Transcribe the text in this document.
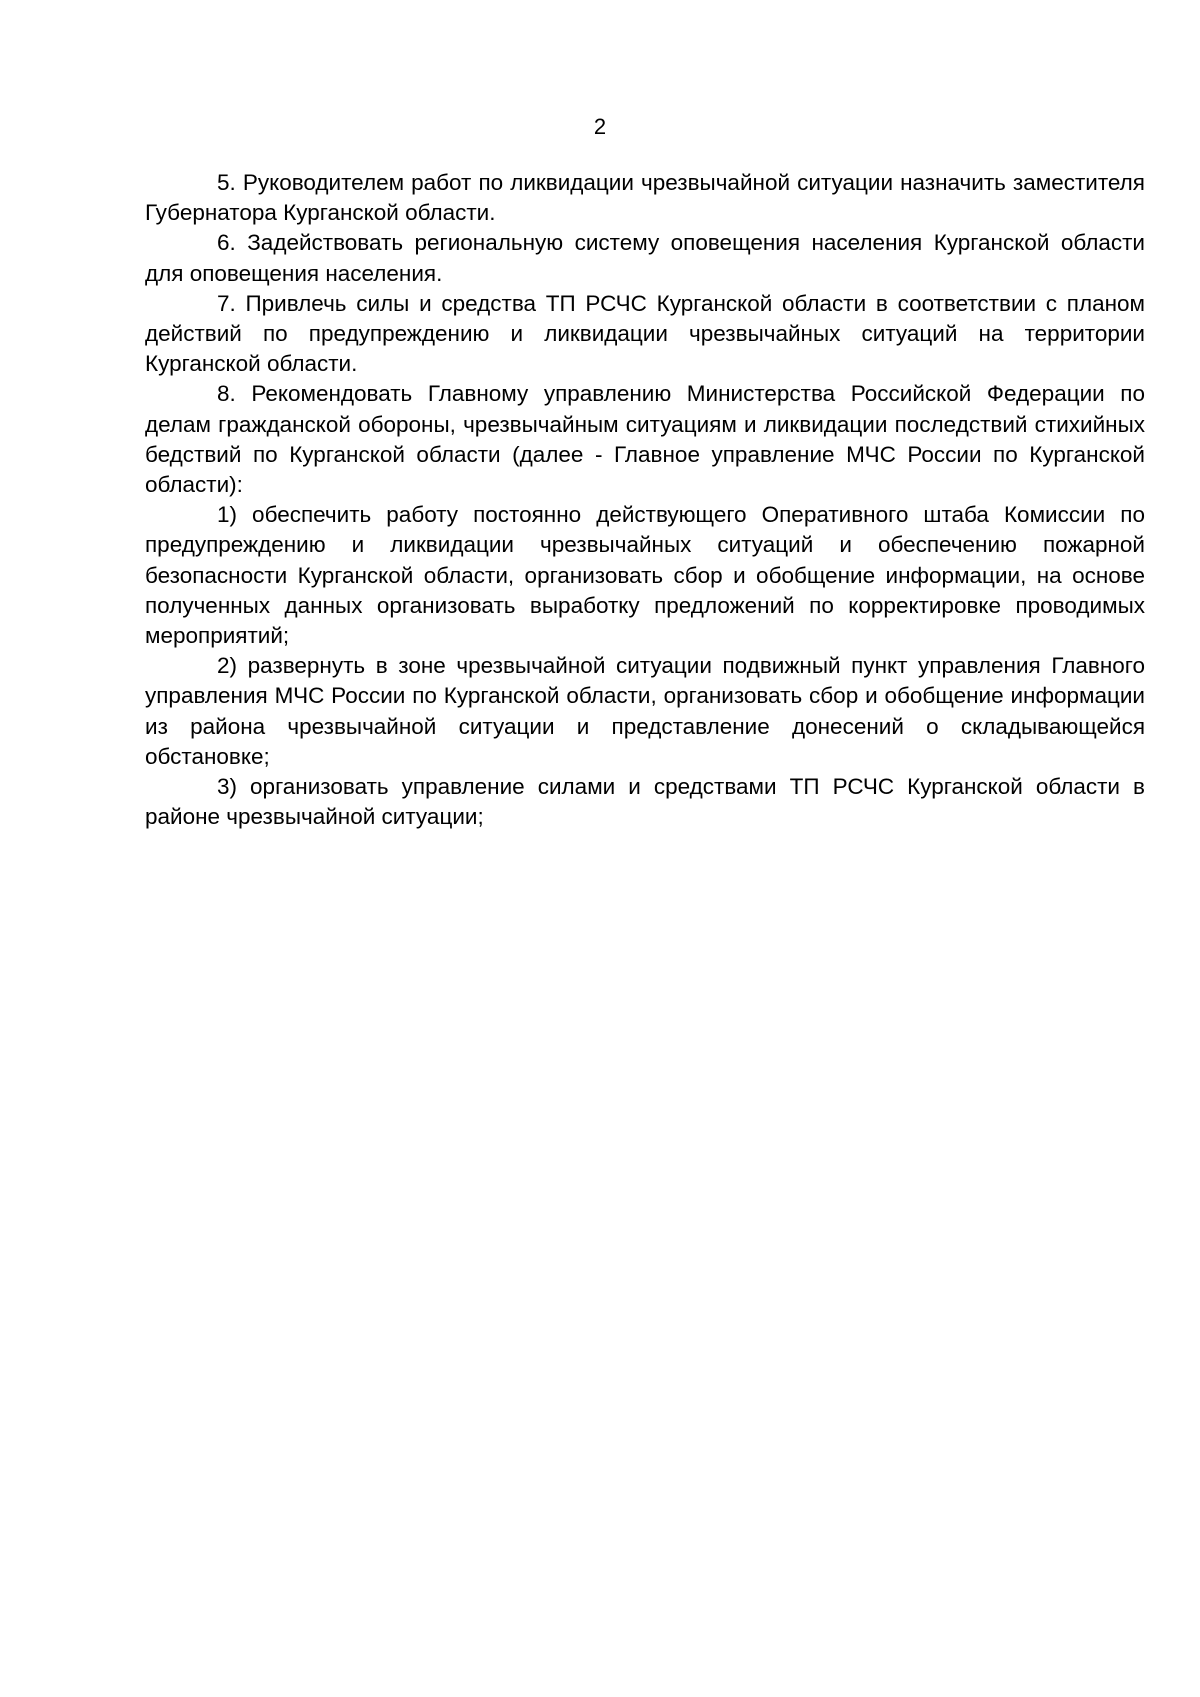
2

5. Руководителем работ по ликвидации чрезвычайной ситуации назначить заместителя Губернатора Курганской области.

6. Задействовать региональную систему оповещения населения Курганской области для оповещения населения.

7. Привлечь силы и средства ТП РСЧС Курганской области в соответствии с планом действий по предупреждению и ликвидации чрезвычайных ситуаций на территории Курганской области.

8. Рекомендовать Главному управлению Министерства Российской Федерации по делам гражданской обороны, чрезвычайным ситуациям и ликвидации последствий стихийных бедствий по Курганской области (далее - Главное управление МЧС России по Курганской области):

1) обеспечить работу постоянно действующего Оперативного штаба Комиссии по предупреждению и ликвидации чрезвычайных ситуаций и обеспечению пожарной безопасности Курганской области, организовать сбор и обобщение информации, на основе полученных данных организовать выработку предложений по корректировке проводимых мероприятий;

2) развернуть в зоне чрезвычайной ситуации подвижный пункт управления Главного управления МЧС России по Курганской области, организовать сбор и обобщение информации из района чрезвычайной ситуации и представление донесений о складывающейся обстановке;

3) организовать управление силами и средствами ТП РСЧС Курганской области в районе чрезвычайной ситуации;
